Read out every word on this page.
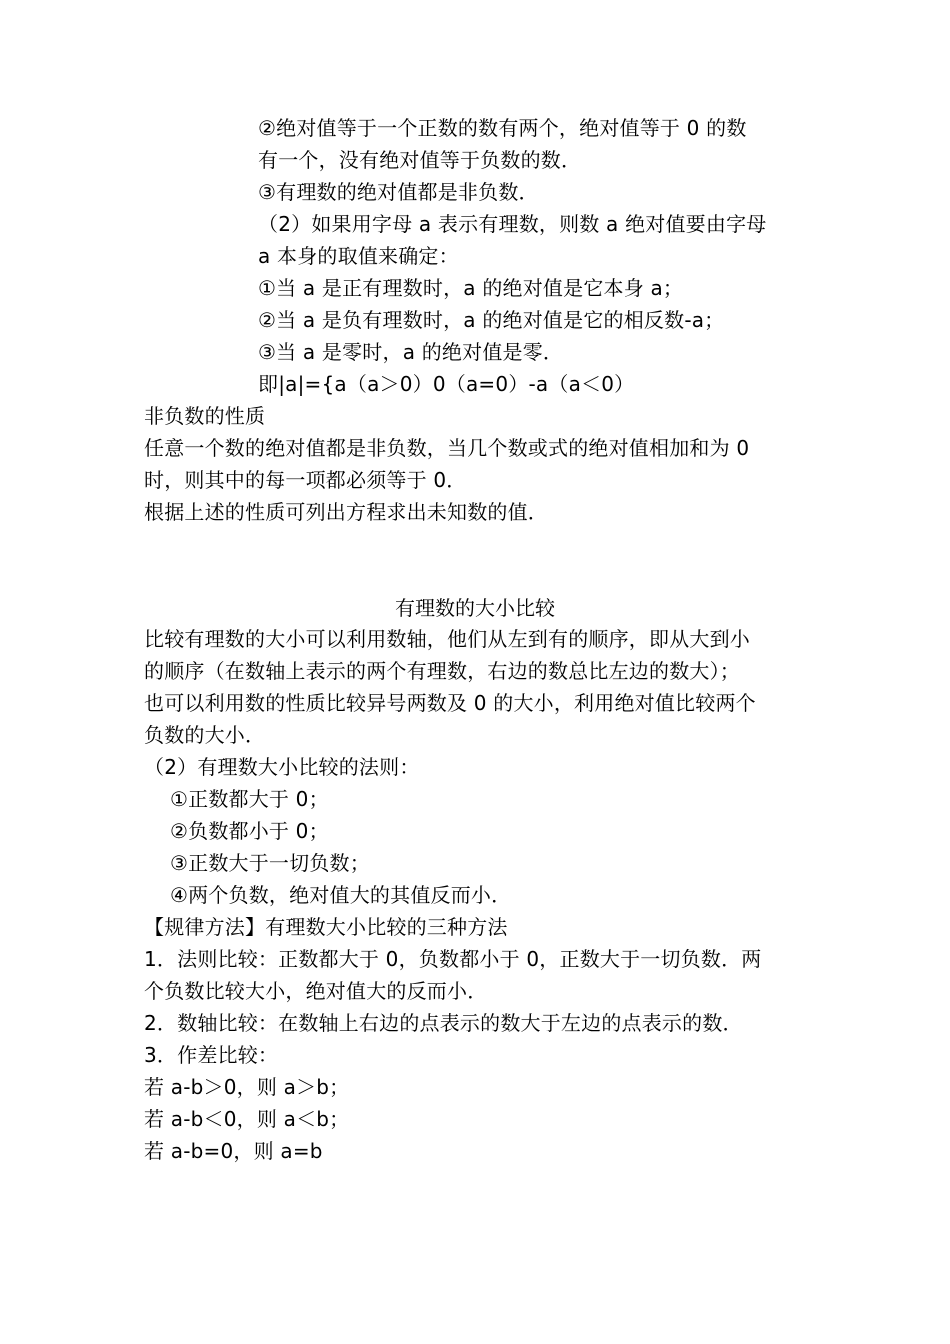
②绝对值等于一个正数的数有两个，绝对值等于 0 的数
有一个，没有绝对值等于负数的数．
③有理数的绝对值都是非负数．
（2）如果用字母 a 表示有理数，则数 a 绝对值要由字母
a 本身的取值来确定：
①当 a 是正有理数时，a 的绝对值是它本身 a；
②当 a 是负有理数时，a 的绝对值是它的相反数-a；
③当 a 是零时，a 的绝对值是零．
即|a|={a（a＞0）0（a=0）-a（a＜0）
非负数的性质
任意一个数的绝对值都是非负数，当几个数或式的绝对值相加和为 0
时，则其中的每一项都必须等于 0．
根据上述的性质可列出方程求出未知数的值．
有理数的大小比较
比较有理数的大小可以利用数轴，他们从左到有的顺序，即从大到小
的顺序（在数轴上表示的两个有理数，右边的数总比左边的数大）；
也可以利用数的性质比较异号两数及 0 的大小，利用绝对值比较两个
负数的大小．
（2）有理数大小比较的法则：
①正数都大于 0；
②负数都小于 0；
③正数大于一切负数；
④两个负数，绝对值大的其值反而小．
【规律方法】有理数大小比较的三种方法
1．法则比较：正数都大于 0，负数都小于 0，正数大于一切负数．两
个负数比较大小，绝对值大的反而小．
2．数轴比较：在数轴上右边的点表示的数大于左边的点表示的数．
3．作差比较：
若 a-b＞0，则 a＞b；
若 a-b＜0，则 a＜b；
若 a-b=0，则 a=b
